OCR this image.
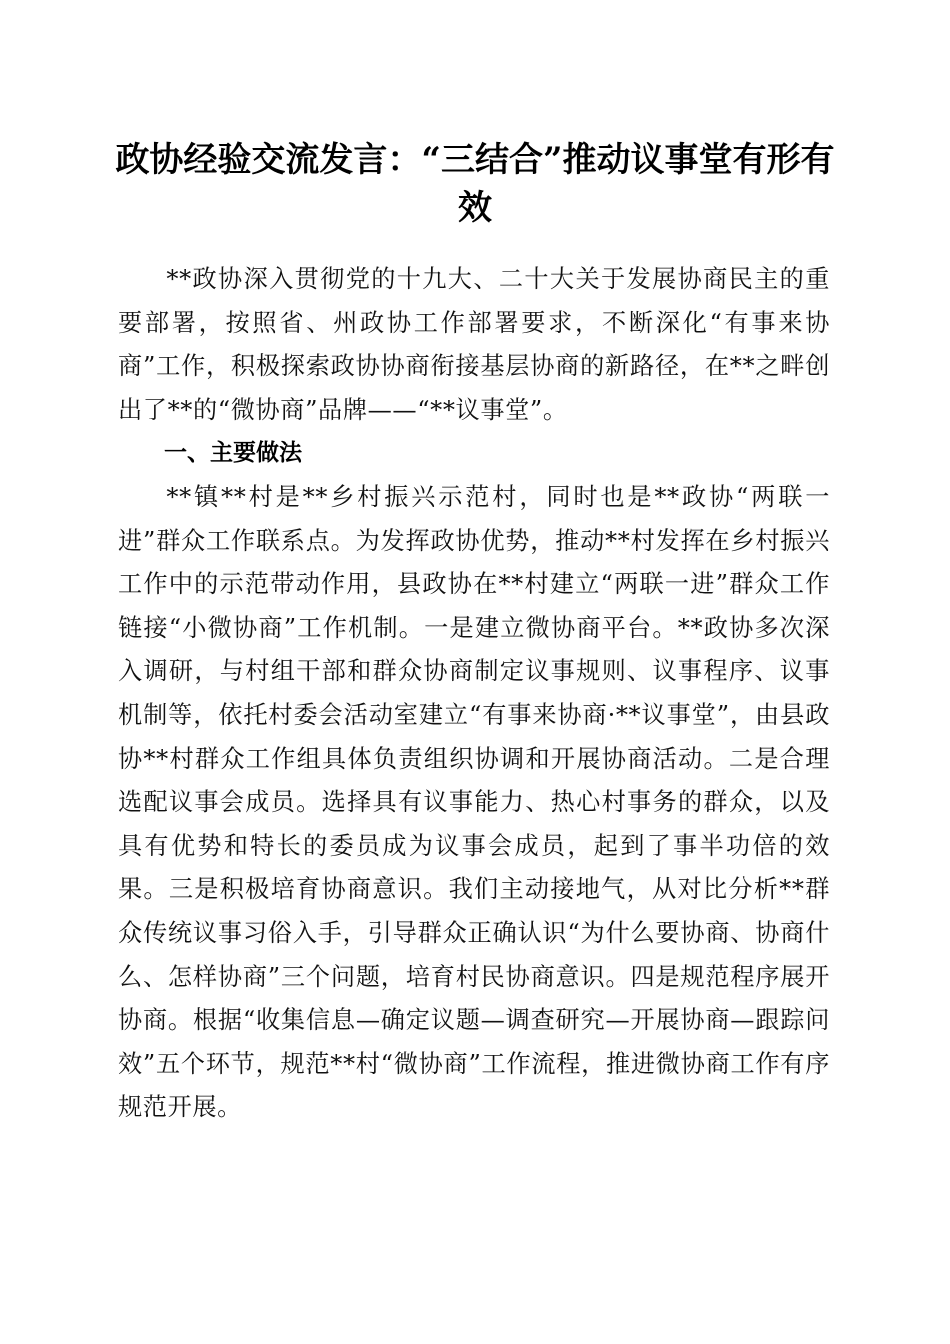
政协经验交流发言：“三结合”推动议事堂有形有效

**政协深入贯彻党的十九大、二十大关于发展协商民主的重要部署，按照省、州政协工作部署要求，不断深化“有事来协商”工作，积极探索政协协商衔接基层协商的新路径，在**之畔创出了**的“微协商”品牌——“**议事堂”。

一、主要做法

**镇**村是**乡村振兴示范村，同时也是**政协“两联一进”群众工作联系点。为发挥政协优势，推动**村发挥在乡村振兴工作中的示范带动作用，县政协在**村建立“两联一进”群众工作链接“小微协商”工作机制。一是建立微协商平台。**政协多次深入调研，与村组干部和群众协商制定议事规则、议事程序、议事机制等，依托村委会活动室建立“有事来协商·**议事堂”，由县政协**村群众工作组具体负责组织协调和开展协商活动。二是合理选配议事会成员。选择具有议事能力、热心村事务的群众，以及具有优势和特长的委员成为议事会成员，起到了事半功倍的效果。三是积极培育协商意识。我们主动接地气，从对比分析**群众传统议事习俗入手，引导群众正确认识“为什么要协商、协商什么、怎样协商”三个问题，培育村民协商意识。四是规范程序展开协商。根据“收集信息—确定议题—调查研究—开展协商—跟踪问效”五个环节，规范**村“微协商”工作流程，推进微协商工作有序规范开展。
